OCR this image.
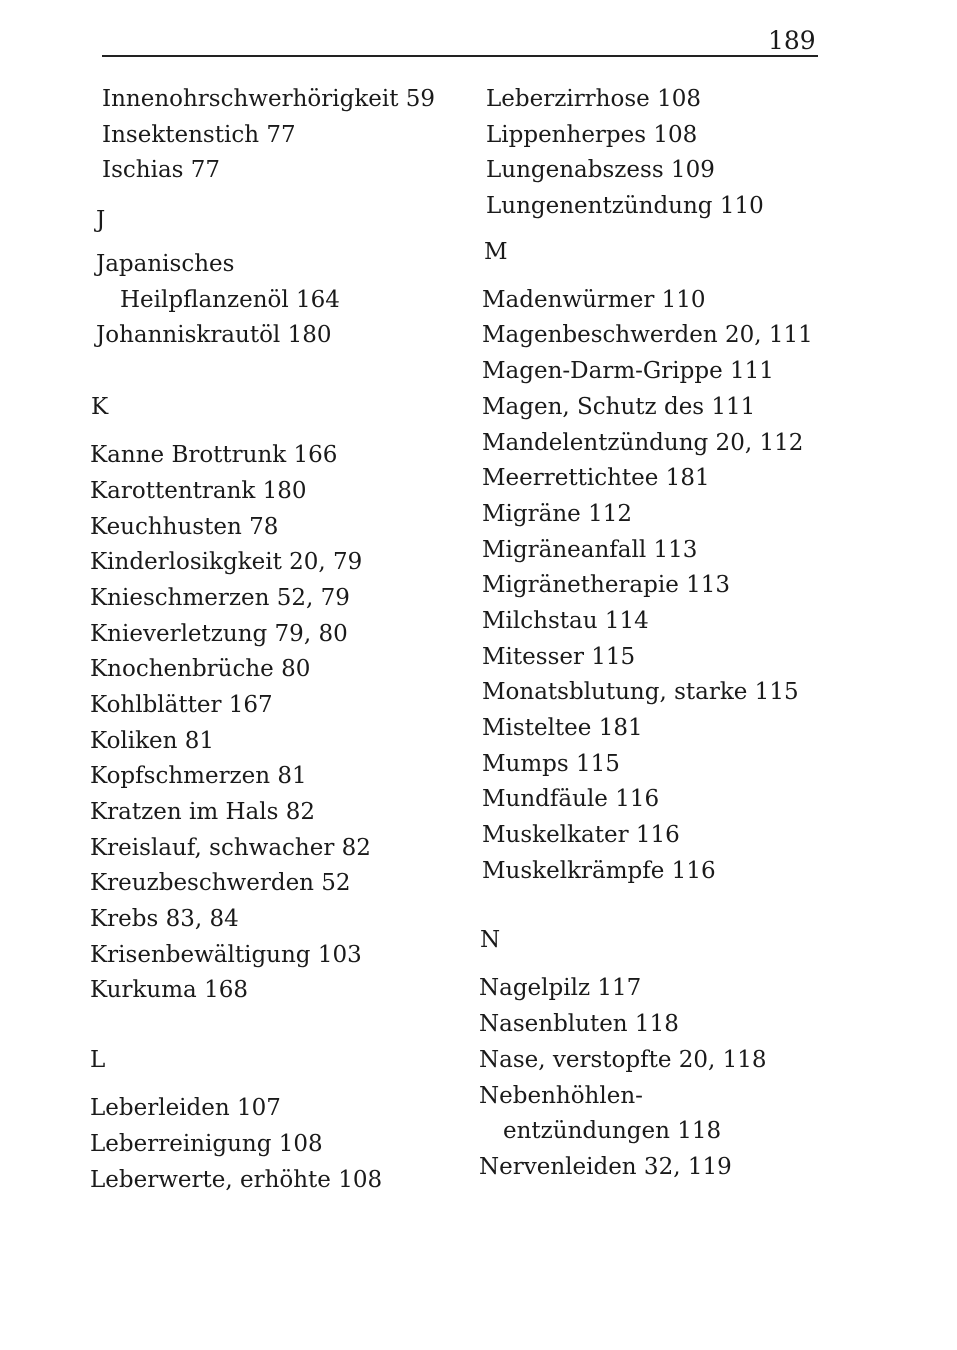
189
Innenohrschwerhörigkeit 59
Insektenstich 77
Ischias 77
J
Japanisches
Heilpflanzenöl 164
Johanniskrautöl 180
K
Kanne Brottrunk 166
Karottentrank 180
Keuchhusten 78
Kinderlosikgkeit 20, 79
Knieschmerzen 52, 79
Knieverletzung 79, 80
Knochenbrüche 80
Kohlblätter 167
Koliken 81
Kopfschmerzen 81
Kratzen im Hals 82
Kreislauf, schwacher 82
Kreuzbeschwerden 52
Krebs 83, 84
Krisenbewältigung 103
Kurkuma 168
L
Leberleiden 107
Leberreinigung 108
Leberwerte, erhöhte 108
Leberzirrhose 108
Lippenherpes 108
Lungenabszess 109
Lungenentzündung 110
M
Madenwürmer 110
Magenbeschwerden 20, 111
Magen-Darm-Grippe 111
Magen, Schutz des 111
Mandelentzündung 20, 112
Meerrettichtee 181
Migräne 112
Migräneanfall 113
Migränetherapie 113
Milchstau 114
Mitesser 115
Monatsblutung, starke 115
Misteltee 181
Mumps 115
Mundfäule 116
Muskelkater 116
Muskelkrämpfe 116
N
Nagelpilz 117
Nasenbluten 118
Nase, verstopfte 20, 118
Nebenhöhlen-
entzündungen 118
Nervenleiden 32, 119
